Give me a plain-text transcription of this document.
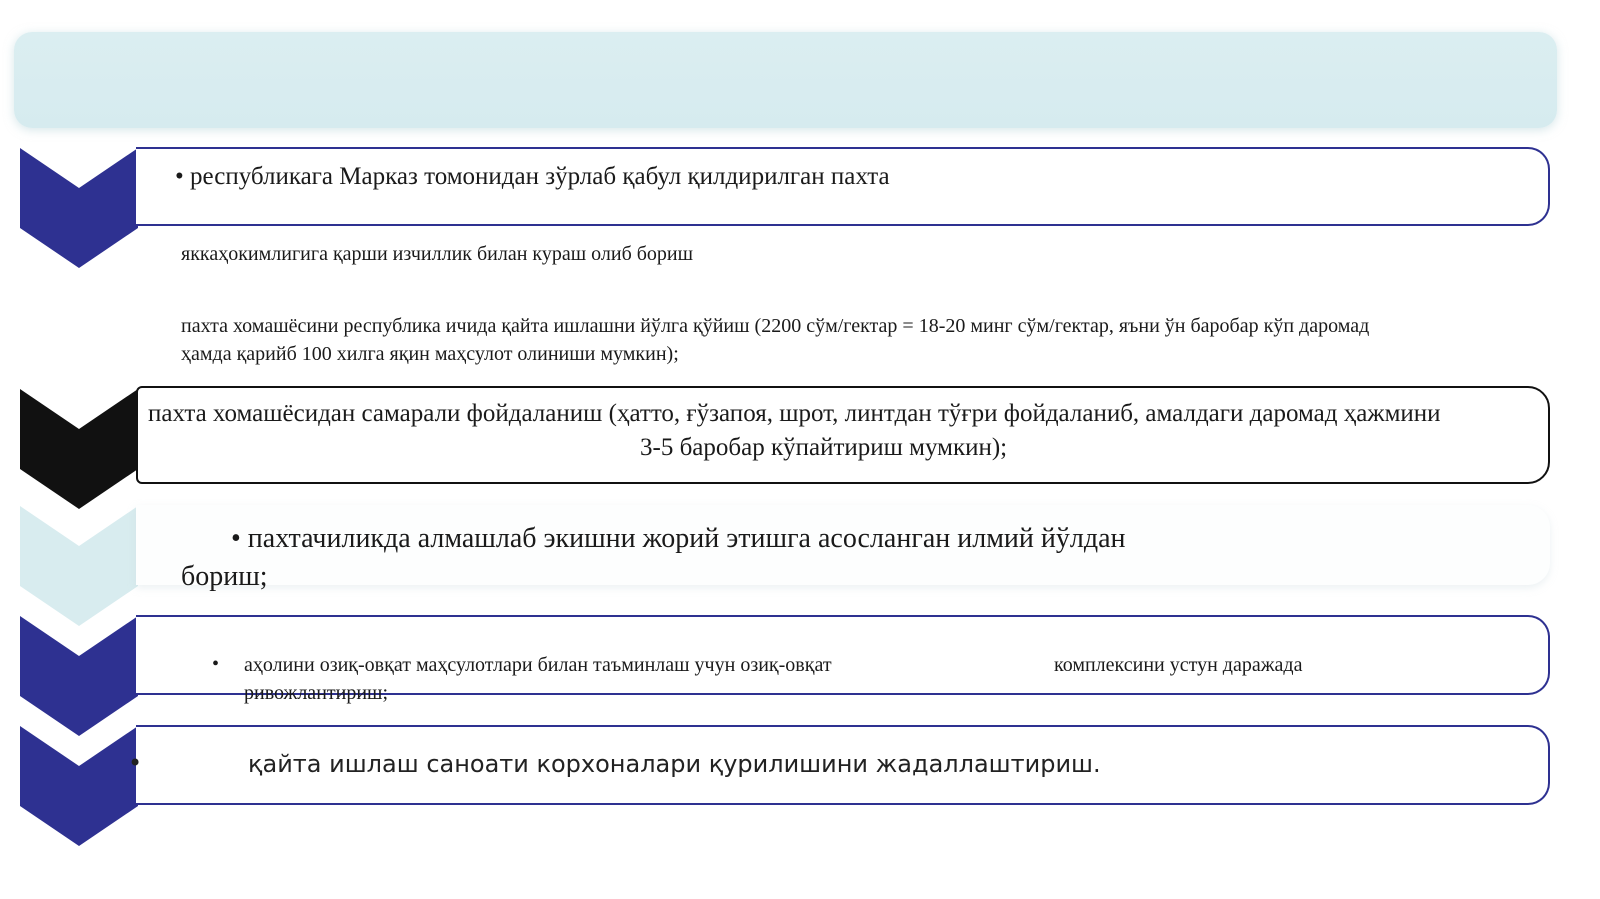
• республикага Марказ томонидан зўрлаб қабул қилдирилган пахта
яккаҳокимлигига қарши изчиллик билан кураш олиб бориш
пахта хомашёсини республика ичида қайта ишлашни йўлга қўйиш (2200 сўм/гектар = 18-20 минг сўм/гектар, яъни ўн баробар кўп даромад
ҳамда қарийб 100 хилга яқин маҳсулот олиниши мумкин);
пахта хомашёсидан самарали фойдаланиш (ҳатто, ғўзапоя, шрот, линтдан тўғри фойдаланиб, амалдаги даромад ҳажмини
3-5 баробар кўпайтириш мумкин);
• пахтачиликда алмашлаб экишни жорий этишга асосланган илмий йўлдан
бориш;
• аҳолини озиқ-овқат маҳсулотлари билан таъминлаш учун озиқ-овқат	комплексини устун даражада
ривожлантириш;
•	қайта ишлаш саноати корхоналари қурилишини жадаллаштириш.
